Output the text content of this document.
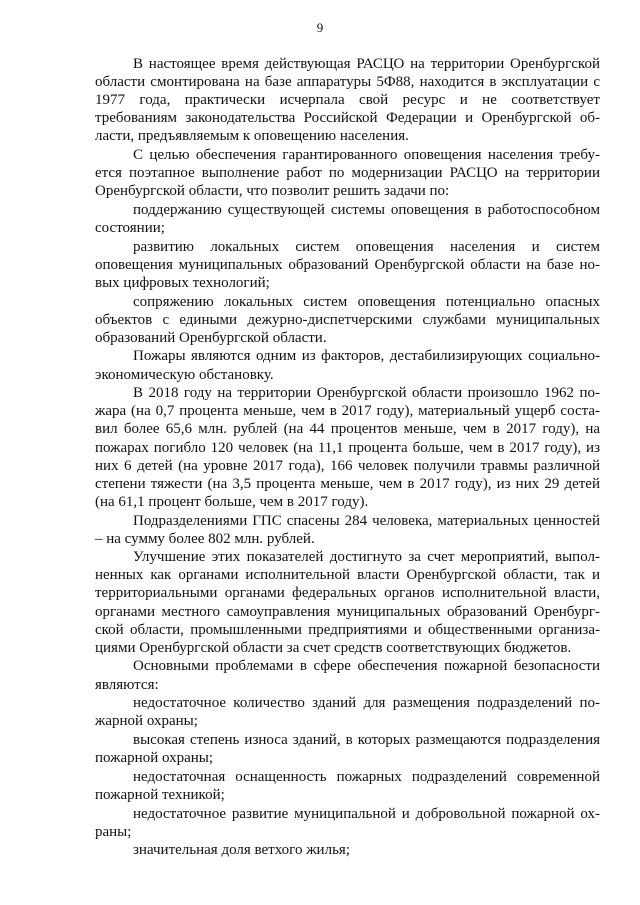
9

В настоящее время действующая РАСЦО на территории Оренбургской области смонтирована на базе аппаратуры 5Ф88, находится в эксплуатации с 1977 года, практически исчерпала свой ресурс и не соответствует требованиям законодательства Российской Федерации и Оренбургской области, предъявляемым к оповещению населения.

С целью обеспечения гарантированного оповещения населения требуется поэтапное выполнение работ по модернизации РАСЦО на территории Оренбургской области, что позволит решить задачи по:

поддержанию существующей системы оповещения в работоспособном состоянии;

развитию локальных систем оповещения населения и систем оповещения муниципальных образований Оренбургской области на базе новых цифровых технологий;

сопряжению локальных систем оповещения потенциально опасных объектов с едиными дежурно-диспетчерскими службами муниципальных образований Оренбургской области.

Пожары являются одним из факторов, дестабилизирующих социально-экономическую обстановку.

В 2018 году на территории Оренбургской области произошло 1962 пожара (на 0,7 процента меньше, чем в 2017 году), материальный ущерб составил более 65,6 млн. рублей (на 44 процентов меньше, чем в 2017 году), на пожарах погибло 120 человек (на 11,1 процента больше, чем в 2017 году), из них 6 детей (на уровне 2017 года), 166 человек получили травмы различной степени тяжести (на 3,5 процента меньше, чем в 2017 году), из них 29 детей (на 61,1 процент больше, чем в 2017 году).

Подразделениями ГПС спасены 284 человека, материальных ценностей – на сумму более 802 млн. рублей.

Улучшение этих показателей достигнуто за счет мероприятий, выполненных как органами исполнительной власти Оренбургской области, так и территориальными органами федеральных органов исполнительной власти, органами местного самоуправления муниципальных образований Оренбургской области, промышленными предприятиями и общественными организациями Оренбургской области за счет средств соответствующих бюджетов.

Основными проблемами в сфере обеспечения пожарной безопасности являются:

недостаточное количество зданий для размещения подразделений пожарной охраны;

высокая степень износа зданий, в которых размещаются подразделения пожарной охраны;

недостаточная оснащенность пожарных подразделений современной пожарной техникой;

недостаточное развитие муниципальной и добровольной пожарной охраны;

значительная доля ветхого жилья;
